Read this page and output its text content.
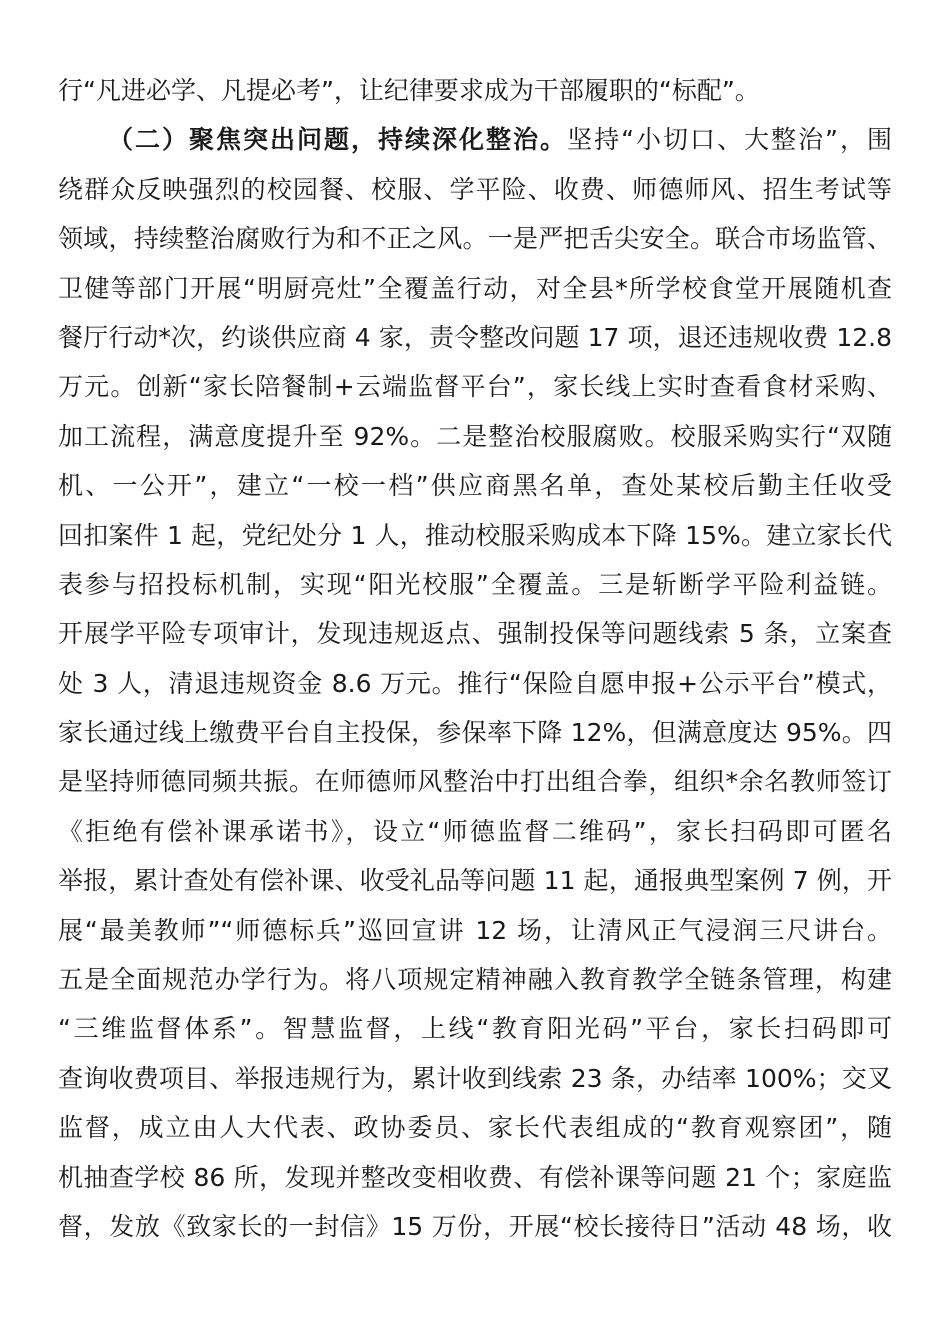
行“凡进必学、凡提必考”，让纪律要求成为干部履职的“标配”。
（二）聚焦突出问题，持续深化整治。坚持“小切口、大整治”，围
绕群众反映强烈的校园餐、校服、学平险、收费、师德师风、招生考试等
领域，持续整治腐败行为和不正之风。一是严把舌尖安全。联合市场监管、
卫健等部门开展“明厨亮灶”全覆盖行动，对全县*所学校食堂开展随机查
餐厅行动*次，约谈供应商 4 家，责令整改问题 17 项，退还违规收费 12.8
万元。创新“家长陪餐制+云端监督平台”，家长线上实时查看食材采购、
加工流程，满意度提升至 92%。二是整治校服腐败。校服采购实行“双随
机、一公开”，建立“一校一档”供应商黑名单，查处某校后勤主任收受
回扣案件 1 起，党纪处分 1 人，推动校服采购成本下降 15%。建立家长代
表参与招投标机制，实现“阳光校服”全覆盖。三是斩断学平险利益链。
开展学平险专项审计，发现违规返点、强制投保等问题线索 5 条，立案查
处 3 人，清退违规资金 8.6 万元。推行“保险自愿申报+公示平台”模式，
家长通过线上缴费平台自主投保，参保率下降 12%，但满意度达 95%。四
是坚持师德同频共振。在师德师风整治中打出组合拳，组织*余名教师签订
《拒绝有偿补课承诺书》，设立“师德监督二维码”，家长扫码即可匿名
举报，累计查处有偿补课、收受礼品等问题 11 起，通报典型案例 7 例，开
展“最美教师”“师德标兵”巡回宣讲 12 场，让清风正气浸润三尺讲台。
五是全面规范办学行为。将八项规定精神融入教育教学全链条管理，构建
“三维监督体系”。智慧监督，上线“教育阳光码”平台，家长扫码即可
查询收费项目、举报违规行为，累计收到线索 23 条，办结率 100%；交叉
监督，成立由人大代表、政协委员、家长代表组成的“教育观察团”，随
机抽查学校 86 所，发现并整改变相收费、有偿补课等问题 21 个；家庭监
督，发放《致家长的一封信》15 万份，开展“校长接待日”活动 48 场，收
